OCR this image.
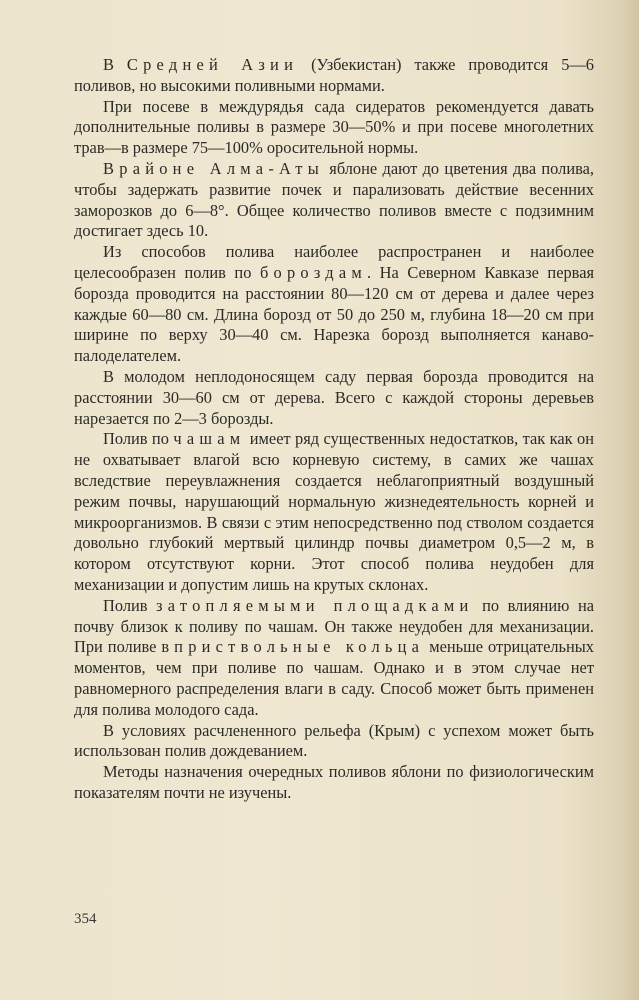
В Средней Азии (Узбекистан) также проводится 5—6 поливов, но высокими поливными нормами.

При посеве в междурядья сада сидератов рекомендуется давать дополнительные поливы в размере 30—50% и при посеве многолетних трав—в размере 75—100% оросительной нормы.

В районе Алма-Аты яблоне дают до цветения два полива, чтобы задержать развитие почек и парализовать действие весенних заморозков до 6—8°. Общее количество поливов вместе с подзимним достигает здесь 10.

Из способов полива наиболее распространен и наиболее целесообразен полив по бороздам. На Северном Кавказе первая борозда проводится на расстоянии 80—120 см от дерева и далее через каждые 60—80 см. Длина борозд от 50 до 250 м, глубина 18—20 см при ширине по верху 30—40 см. Нарезка борозд выполняется канаво-палоделателем.

В молодом неплодоносящем саду первая борозда проводится на расстоянии 30—60 см от дерева. Всего с каждой стороны деревьев нарезается по 2—3 борозды.

Полив по чашам имеет ряд существенных недостатков, так как он не охватывает влагой всю корневую систему, в самих же чашах вследствие переувлажнения создается неблагоприятный воздушный режим почвы, нарушающий нормальную жизнедеятельность корней и микроорганизмов. В связи с этим непосредственно под стволом создается довольно глубокий мертвый цилиндр почвы диаметром 0,5—2 м, в котором отсутствуют корни. Этот способ полива неудобен для механизации и допустим лишь на крутых склонах.

Полив затопляемыми площадками по влиянию на почву близок к поливу по чашам. Он также неудобен для механизации. При поливе в приствольные кольца меньше отрицательных моментов, чем при поливе по чашам. Однако и в этом случае нет равномерного распределения влаги в саду. Способ может быть применен для полива молодого сада.

В условиях расчлененного рельефа (Крым) с успехом может быть использован полив дождеванием.

Методы назначения очередных поливов яблони по физиологическим показателям почти не изучены.

354
